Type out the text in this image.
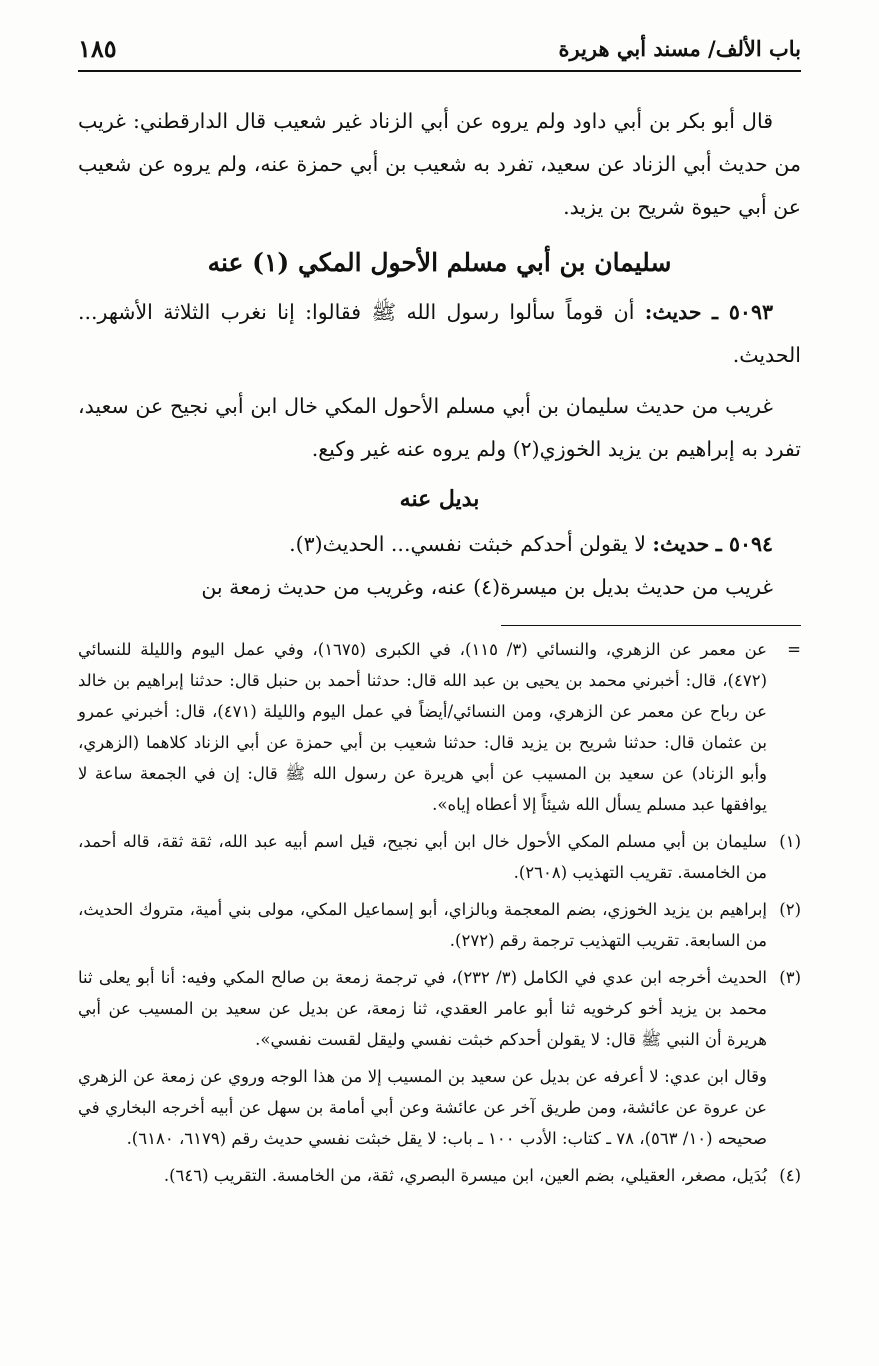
باب الألف/ مسند أبي هريرة
١٨٥

قال أبو بكر بن أبي داود ولم يروه عن أبي الزناد غير شعيب قال الدارقطني: غريب من حديث أبي الزناد عن سعيد، تفرد به شعيب بن أبي حمزة عنه، ولم يروه عن شعيب عن أبي حيوة شريح بن يزيد.

سليمان بن أبي مسلم الأحول المكي (١) عنه

٥٠٩٣ ـ حديث: أن قوماً سألوا رسول الله ﷺ فقالوا: إنا نغرب الثلاثة الأشهر... الحديث.

غريب من حديث سليمان بن أبي مسلم الأحول المكي خال ابن أبي نجيح عن سعيد، تفرد به إبراهيم بن يزيد الخوزي(٢) ولم يروه عنه غير وكيع.

بديل عنه

٥٠٩٤ ـ حديث: لا يقولن أحدكم خبثت نفسي... الحديث(٣).

غريب من حديث بديل بن ميسرة(٤) عنه، وغريب من حديث زمعة بن

=
عن معمر عن الزهري، والنسائي (٣/ ١١٥)، في الكبرى (١٦٧٥)، وفي عمل اليوم والليلة للنسائي (٤٧٢)، قال: أخبرني محمد بن يحيى بن عبد الله قال: حدثنا أحمد بن حنبل قال: حدثنا إبراهيم بن خالد عن رباح عن معمر عن الزهري، ومن النسائي/أيضاً في عمل اليوم والليلة (٤٧١)، قال: أخبرني عمرو بن عثمان قال: حدثنا شريح بن يزيد قال: حدثنا شعيب بن أبي حمزة عن أبي الزناد كلاهما (الزهري، وأبو الزناد) عن سعيد بن المسيب عن أبي هريرة عن رسول الله ﷺ قال: إن في الجمعة ساعة لا يوافقها عبد مسلم يسأل الله شيئاً إلا أعطاه إياه».

(١)
سليمان بن أبي مسلم المكي الأحول خال ابن أبي نجيح، قيل اسم أبيه عبد الله، ثقة ثقة، قاله أحمد، من الخامسة. تقريب التهذيب (٢٦٠٨).

(٢)
إبراهيم بن يزيد الخوزي، بضم المعجمة وبالزاي، أبو إسماعيل المكي، مولى بني أمية، متروك الحديث، من السابعة. تقريب التهذيب ترجمة رقم (٢٧٢).

(٣)
الحديث أخرجه ابن عدي في الكامل (٣/ ٢٣٢)، في ترجمة زمعة بن صالح المكي وفيه: أنا أبو يعلى ثنا محمد بن يزيد أخو كرخويه ثنا أبو عامر العقدي، ثنا زمعة، عن بديل عن سعيد بن المسيب عن أبي هريرة أن النبي ﷺ قال: لا يقولن أحدكم خبثت نفسي وليقل لقست نفسي».

وقال ابن عدي: لا أعرفه عن بديل عن سعيد بن المسيب إلا من هذا الوجه وروي عن زمعة عن الزهري عن عروة عن عائشة، ومن طريق آخر عن عائشة وعن أبي أمامة بن سهل عن أبيه أخرجه البخاري في صحيحه (١٠/ ٥٦٣)، ٧٨ ـ كتاب: الأدب ١٠٠ ـ باب: لا يقل خبثت نفسي حديث رقم (٦١٧٩، ٦١٨٠).

(٤)
بُدَيل، مصغر، العقيلي، بضم العين، ابن ميسرة البصري، ثقة، من الخامسة. التقريب (٦٤٦).
